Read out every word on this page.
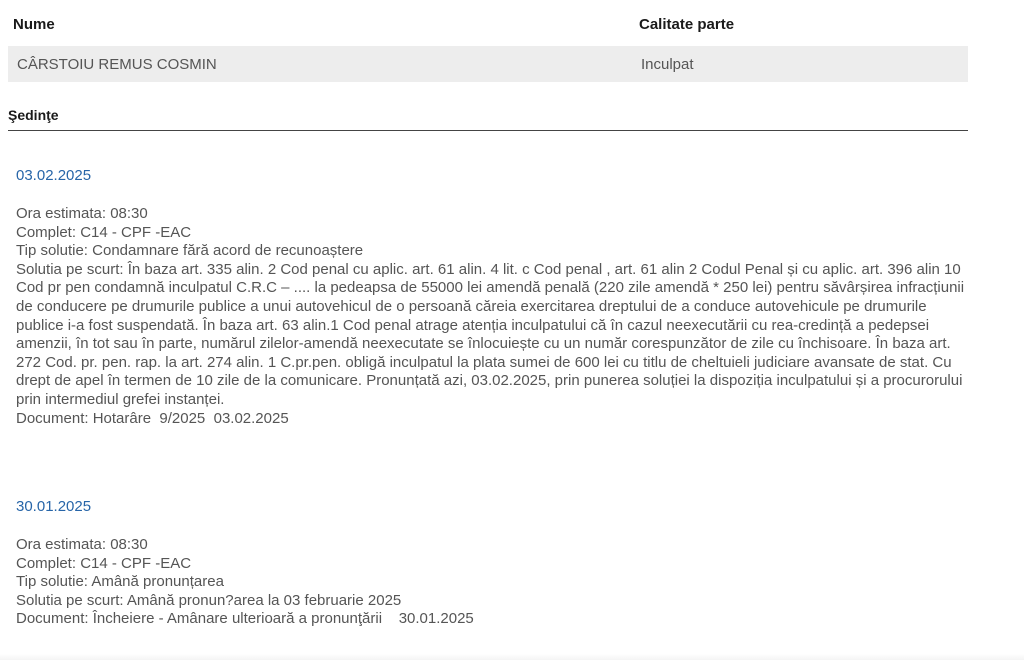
Nume	Calitate parte
CÂRSTOIU REMUS COSMIN	Inculpat
Şedinţe
03.02.2025
Ora estimata: 08:30
Complet: C14 - CPF -EAC
Tip solutie: Condamnare fără acord de recunoaștere
Solutia pe scurt: În baza art. 335 alin. 2 Cod penal cu aplic. art. 61 alin. 4 lit. c Cod penal , art. 61 alin 2 Codul Penal și cu aplic. art. 396 alin 10 Cod pr pen condamnă inculpatul C.R.C – .... la pedeapsa de 55000 lei amendă penală (220 zile amendă * 250 lei) pentru săvârșirea infracțiunii de conducere pe drumurile publice a unui autovehicul de o persoană căreia exercitarea dreptului de a conduce autovehicule pe drumurile publice i-a fost suspendată. În baza art. 63 alin.1 Cod penal atrage atenția inculpatului că în cazul neexecutării cu rea-credință a pedepsei amenzii, în tot sau în parte, numărul zilelor-amendă neexecutate se înlocuiește cu un număr corespunzător de zile cu închisoare. În baza art. 272 Cod. pr. pen. rap. la art. 274 alin. 1 C.pr.pen. obligă inculpatul la plata sumei de 600 lei cu titlu de cheltuieli judiciare avansate de stat. Cu drept de apel în termen de 10 zile de la comunicare. Pronunțată azi, 03.02.2025, prin punerea soluției la dispoziția inculpatului și a procurorului prin intermediul grefei instanței.
Document: Hotarâre  9/2025  03.02.2025
30.01.2025
Ora estimata: 08:30
Complet: C14 - CPF -EAC
Tip solutie: Amână pronunțarea
Solutia pe scurt: Amână pronun?area la 03 februarie 2025
Document: Încheiere - Amânare ulterioară a pronunţării    30.01.2025
